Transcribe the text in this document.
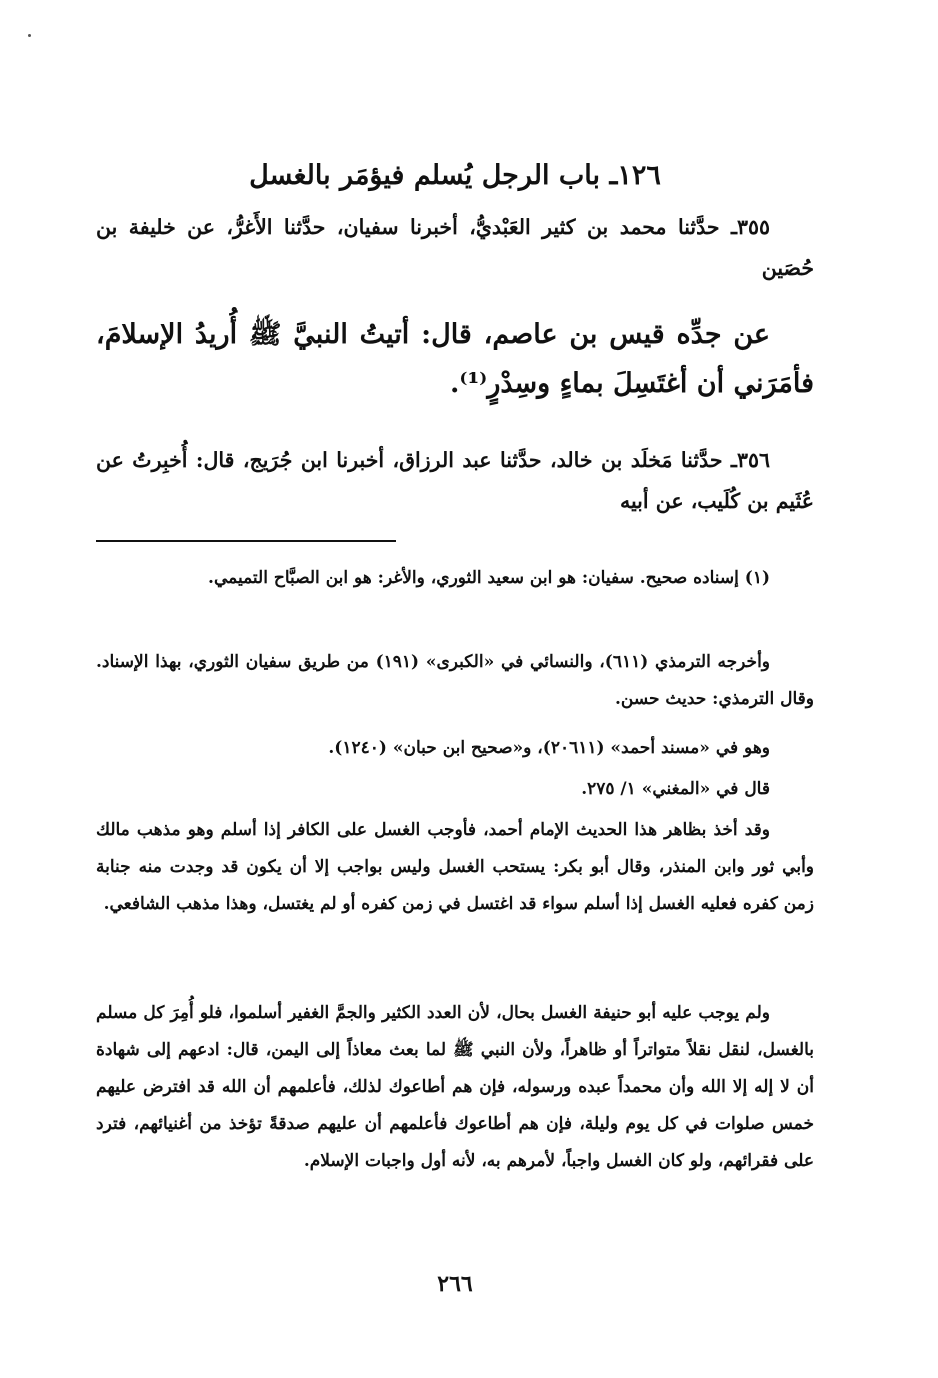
١٢٦ـ باب الرجل يُسلم فيؤمَر بالغسل

٣٥٥ـ حدَّثنا محمد بن كثير العَبْديُّ، أخبرنا سفيان، حدَّثنا الأَغرُّ، عن خليفة بن حُصَين

عن جدِّه قيس بن عاصم، قال: أتيتُ النبيَّ ﷺ أُريدُ الإسلامَ، فأمَرَني أن أغتَسِلَ بماءٍ وسِدْرٍ⁽¹⁾.

٣٥٦ـ حدَّثنا مَخلَد بن خالد، حدَّثنا عبد الرزاق، أخبرنا ابن جُرَيج، قال: أُخبِرتُ عن عُثَيم بن كُلَيب، عن أبيه

(١) إسناده صحيح. سفيان: هو ابن سعيد الثوري، والأغر: هو ابن الصبَّاح التميمي.

وأخرجه الترمذي (٦١١)، والنسائي في «الكبرى» (١٩١) من طريق سفيان الثوري، بهذا الإسناد. وقال الترمذي: حديث حسن.

وهو في «مسند أحمد» (٢٠٦١١)، و«صحيح ابن حبان» (١٢٤٠).

قال في «المغني» ١/ ٢٧٥.

وقد أخذ بظاهر هذا الحديث الإمام أحمد، فأوجب الغسل على الكافر إذا أسلم وهو مذهب مالك وأبي ثور وابن المنذر، وقال أبو بكر: يستحب الغسل وليس بواجب إلا أن يكون قد وجدت منه جنابة زمن كفره فعليه الغسل إذا أسلم سواء قد اغتسل في زمن كفره أو لم يغتسل، وهذا مذهب الشافعي.

ولم يوجب عليه أبو حنيفة الغسل بحال، لأن العدد الكثير والجمَّ الغفير أسلموا، فلو أُمِرَ كل مسلم بالغسل، لنقل نقلاً متواتراً أو ظاهراً، ولأن النبي ﷺ لما بعث معاذاً إلى اليمن، قال: ادعهم إلى شهادة أن لا إله إلا الله وأن محمداً عبده ورسوله، فإن هم أطاعوك لذلك، فأعلمهم أن الله قد افترض عليهم خمس صلوات في كل يوم وليلة، فإن هم أطاعوك فأعلمهم أن عليهم صدقةً تؤخذ من أغنيائهم، فترد على فقرائهم، ولو كان الغسل واجباً، لأمرهم به، لأنه أول واجبات الإسلام.

٢٦٦
